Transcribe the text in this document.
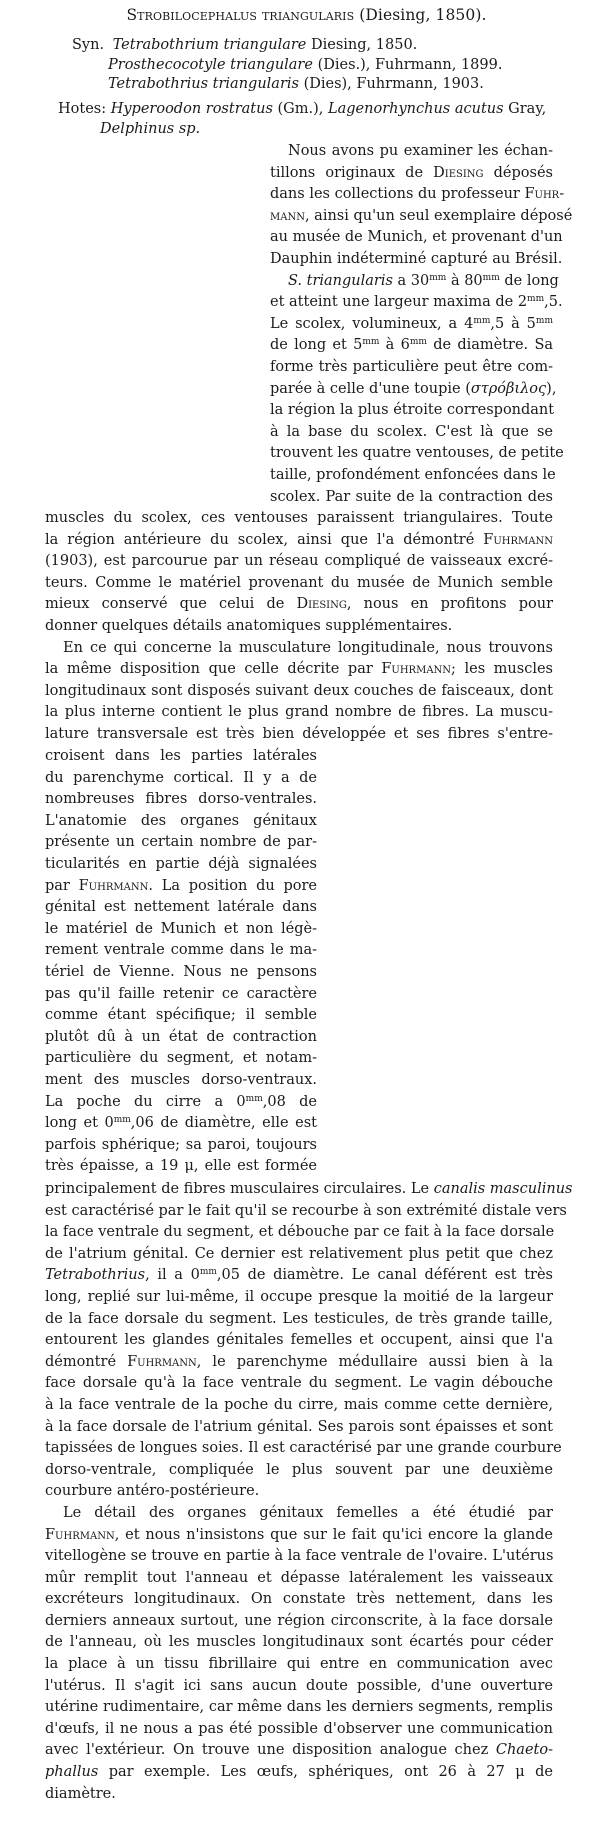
Strobilocephalus triangularis (Diesing, 1850).
Syn. Tetrabothrium triangulare Diesing, 1850.
Prosthecocotyle triangulare (Dies.), Fuhrmann, 1899.
Tetrabothrius triangularis (Dies), Fuhrmann, 1903.
Hotes: Hyperoodon rostratus (Gm.), Lagenorhynchus acutus Gray,
Delphinus sp.
Nous avons pu examiner les échan-
tillons originaux de Diesing déposés
dans les collections du professeur Fuhr-
mann, ainsi qu'un seul exemplaire déposé
au musée de Munich, et provenant d'un
Dauphin indéterminé capturé au Brésil.
S. triangularis a $30^{mm}$ à $80^{mm}$ de long
et atteint une largeur maxima de $2^{mm},5$.
Le scolex, volumineux, a $4^{mm},5$ à $5^{mm}$
de long et $5^{mm}$ à $6^{mm}$ de diamètre. Sa
forme très particulière peut être com-
parée à celle d'une toupie (στρόβιλος),
la région la plus étroite correspondant
à la base du scolex. C'est là que se
trouvent les quatre ventouses, de petite
taille, profondément enfoncées dans le
scolex. Par suite de la contraction des
muscles du scolex, ces ventouses paraissent triangulaires. Toute
la région antérieure du scolex, ainsi que l'a démontré Fuhrmann
(1903), est parcourue par un réseau compliqué de vaisseaux excré-
teurs. Comme le matériel provenant du musée de Munich semble
mieux conservé que celui de Diesing, nous en profitons pour
donner quelques détails anatomiques supplémentaires.
En ce qui concerne la musculature longitudinale, nous trouvons
la même disposition que celle décrite par Fuhrmann; les muscles
longitudinaux sont disposés suivant deux couches de faisceaux, dont
la plus interne contient le plus grand nombre de fibres. La muscu-
lature transversale est très bien développée et ses fibres s'entre-
croisent dans les parties latérales
du parenchyme cortical. Il y a de
nombreuses fibres dorso-ventrales.
L'anatomie des organes génitaux
présente un certain nombre de par-
ticularités en partie déjà signalées
par Fuhrmann. La position du pore
génital est nettement latérale dans
le matériel de Munich et non légè-
rement ventrale comme dans le ma-
tériel de Vienne. Nous ne pensons
pas qu'il faille retenir ce caractère
comme étant spécifique; il semble
plutôt dû à un état de contraction
particulière du segment, et notam-
ment des muscles dorso-ventraux.
La poche du cirre a $0^{mm},08$ de
long et $0^{mm},06$ de diamètre, elle est
parfois sphérique; sa paroi, toujours
très épaisse, a 19 μ, elle est formée
principalement de fibres musculaires circulaires. Le canalis masculinus
est caractérisé par le fait qu'il se recourbe à son extrémité distale vers
la face ventrale du segment, et débouche par ce fait à la face dorsale
de l'atrium génital. Ce dernier est relativement plus petit que chez
Tetrabothrius, il a $0^{mm},05$ de diamètre. Le canal déférent est très
long, replié sur lui-même, il occupe presque la moitié de la largeur
de la face dorsale du segment. Les testicules, de très grande taille,
entourent les glandes génitales femelles et occupent, ainsi que l'a
démontré Fuhrmann, le parenchyme médullaire aussi bien à la
face dorsale qu'à la face ventrale du segment. Le vagin débouche
à la face ventrale de la poche du cirre, mais comme cette dernière,
à la face dorsale de l'atrium génital. Ses parois sont épaisses et sont
tapissées de longues soies. Il est caractérisé par une grande courbure
dorso-ventrale, compliquée le plus souvent par une deuxième
courbure antéro-postérieure.
Le détail des organes génitaux femelles a été étudié par
Fuhrmann, et nous n'insistons que sur le fait qu'ici encore la glande
vitellogène se trouve en partie à la face ventrale de l'ovaire. L'utérus
mûr remplit tout l'anneau et dépasse latéralement les vaisseaux
excréteurs longitudinaux. On constate très nettement, dans les
derniers anneaux surtout, une région circonscrite, à la face dorsale
de l'anneau, où les muscles longitudinaux sont écartés pour céder
la place à un tissu fibrillaire qui entre en communication avec
l'utérus. Il s'agit ici sans aucun doute possible, d'une ouverture
utérine rudimentaire, car même dans les derniers segments, remplis
d'œufs, il ne nous a pas été possible d'observer une communication
avec l'extérieur. On trouve une disposition analogue chez Chaeto-
phallus par exemple. Les œufs, sphériques, ont 26 à 27 μ de
diamètre.
